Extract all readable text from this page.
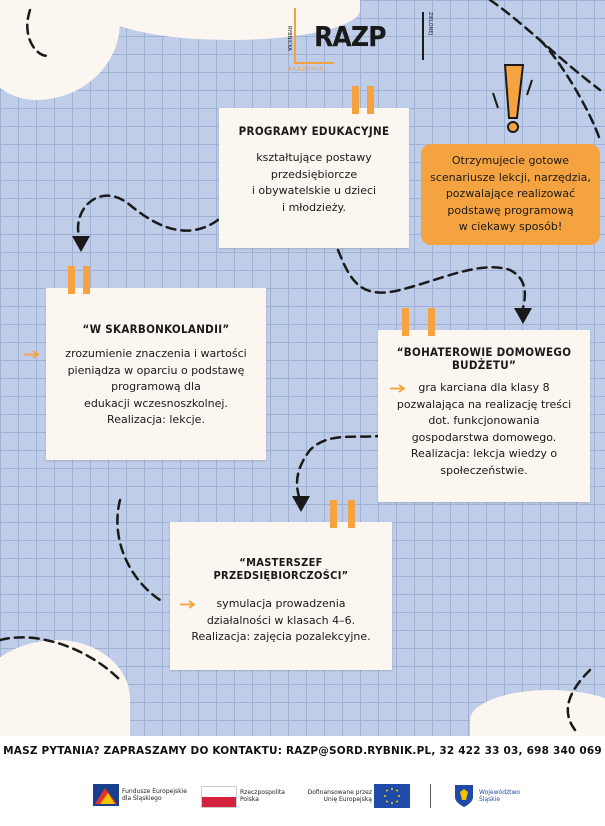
RAZP
RYBNICKA
ZIELONEJ
AKADEMIA
PROGRAMY EDUKACYJNE
kształtujące postawy
przedsiębiorcze
i obywatelskie u dzieci
i młodzieży.
Otrzymujecie gotowe
scenariusze lekcji, narzędzia,
pozwalające realizować
podstawę programową
w ciekawy sposób!
“W SKARBONKOLANDII”
zrozumienie znaczenia i wartości
pieniądza w oparciu o podstawę
programową dla
edukacji wczesnoszkolnej.
Realizacja: lekcje.
“BOHATEROWIE DOMOWEGO
BUDŻETU”
gra karciana dla klasy 8
pozwalająca na realizację treści
dot. funkcjonowania
gospodarstwa domowego.
Realizacja: lekcja wiedzy o
społeczeństwie.
“MASTERSZEF PRZEDSIĘBIORCZOŚCI”
symulacja prowadzenia
działalności w klasach 4–6.
Realizacja: zajęcia pozalekcyjne.
MASZ PYTANIA? ZAPRASZAMY DO KONTAKTU: RAZP@SORD.RYBNIK.PL, 32 422 33 03, 698 340 069
Fundusze Europejskie
dla Śląskiego
Rzeczpospolita
Polska
Dofinansowane przez
Unię Europejską
Województwo
Śląskie
